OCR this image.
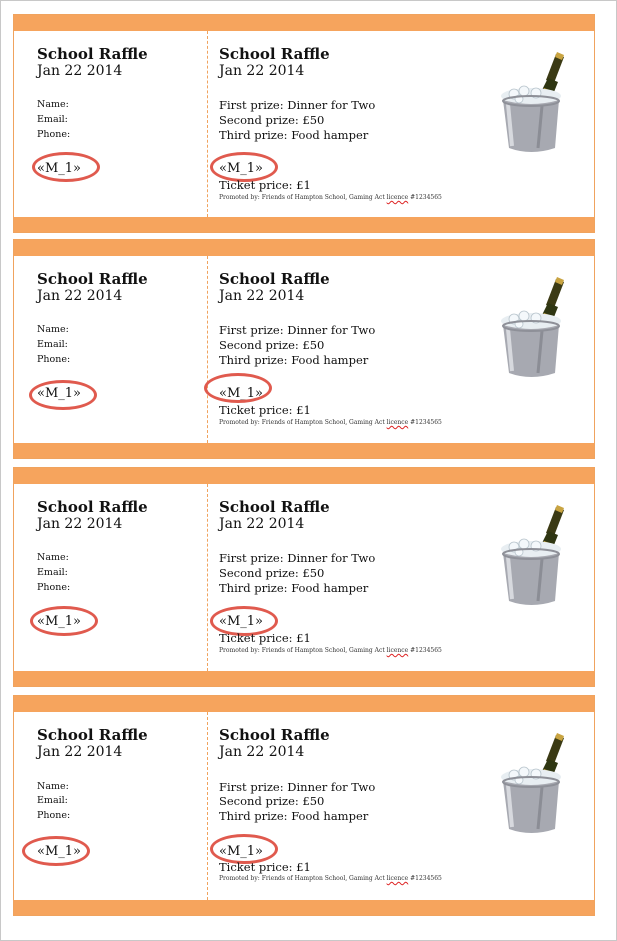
School Raffle
Jan 22 2014
Name:
Email:
Phone:
«M_1»
School Raffle
Jan 22 2014
First prize: Dinner for Two
Second prize: £50
Third prize: Food hamper
«M_1»
Ticket price: £1
Promoted by: Friends of Hampton School, Gaming Act licence #1234565
School Raffle
Jan 22 2014
Name:
Email:
Phone:
«M_1»
School Raffle
Jan 22 2014
First prize: Dinner for Two
Second prize: £50
Third prize: Food hamper
«M_1»
Ticket price: £1
Promoted by: Friends of Hampton School, Gaming Act licence #1234565
School Raffle
Jan 22 2014
Name:
Email:
Phone:
«M_1»
School Raffle
Jan 22 2014
First prize: Dinner for Two
Second prize: £50
Third prize: Food hamper
«M_1»
Ticket price: £1
Promoted by: Friends of Hampton School, Gaming Act licence #1234565
School Raffle
Jan 22 2014
Name:
Email:
Phone:
«M_1»
School Raffle
Jan 22 2014
First prize: Dinner for Two
Second prize: £50
Third prize: Food hamper
«M_1»
Ticket price: £1
Promoted by: Friends of Hampton School, Gaming Act licence #1234565
